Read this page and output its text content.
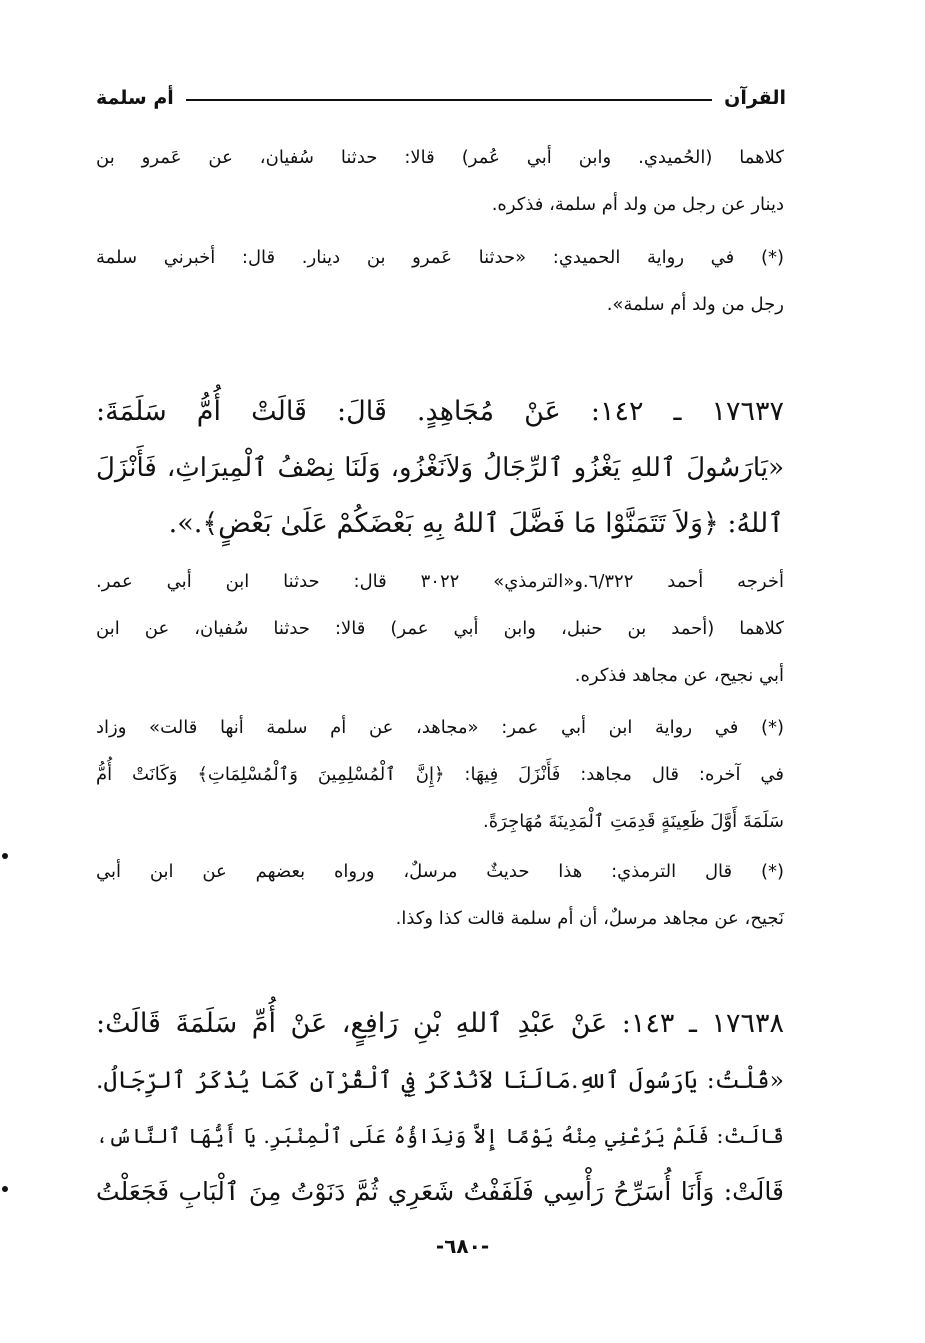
القرآن
أم سلمة
كلاهما (الحُميدي. وابن أبي عُمر) قالا: حدثنا سُفيان، عن عَمرو بن
دينار عن رجل من ولد أم سلمة، فذكره.
(*) في رواية الحميدي: «حدثنا عَمرو بن دينار. قال: أخبرني سلمة
رجل من ولد أم سلمة».
١٧٦٣٧ ـ ١٤٢: عَنْ مُجَاهِدٍ. قَالَ: قَالَتْ أُمُّ سَلَمَةَ:
«يَارَسُولَ ٱللهِ يَغْزُو ٱلرِّجَالُ وَلاَنَغْزُو، وَلَنَا نِصْفُ ٱلْمِيرَاثِ، فَأَنْزَلَ
ٱللهُ: ﴿وَلاَ تَتَمَنَّوْا مَا فَضَّلَ ٱللهُ بِهِ بَعْضَكُمْ عَلَىٰ بَعْضٍ﴾.».
أخرجه أحمد ٦/٣٢٢.و«الترمذي» ٣٠٢٢ قال: حدثنا ابن أبي عمر.
كلاهما (أحمد بن حنبل، وابن أبي عمر) قالا: حدثنا سُفيان، عن ابن
أبي نجيح، عن مجاهد فذكره.
(*) في رواية ابن أبي عمر: «مجاهد، عن أم سلمة أنها قالت» وزاد
في آخره: قال مجاهد: فَأَنْزَلَ فِيهَا: ﴿إِنَّ ٱلْمُسْلِمِينَ وَٱلْمُسْلِمَاتِ﴾ وَكَانَتْ أُمُّ
سَلَمَةَ أَوَّلَ ظَعِينَةٍ قَدِمَتِ ٱلْمَدِينَةَ مُهَاجِرَةً.
(*) قال الترمذي: هذا حديثٌ مرسلٌ، ورواه بعضهم عن ابن أبي
نَجيح، عن مجاهد مرسلٌ، أن أم سلمة قالت كذا وكذا.
١٧٦٣٨ ـ ١٤٣: عَنْ عَبْدِ ٱللهِ بْنِ رَافِعٍ، عَنْ أُمِّ سَلَمَةَ قَالَتْ:
«قُلْتُ: يَارَسُولَ ٱللهِ.مَالَنَا لاَنُذْكَرُ فِي ٱلْقُرْآنِ كَمَا يُذْكَرُ ٱلرِّجَالُ.
قَالَتْ: فَلَمْ يَرُعْنِي مِنْهُ يَوْمًا إِلاَّ وَنِدَاؤُهُ عَلَى ٱلْمِنْبَرِ. يَا أَيُّهَا ٱلنَّاسُ،
قَالَتْ: وَأَنَا أُسَرِّحُ رَأْسِي فَلَفَفْتُ شَعَرِي ثُمَّ دَنَوْتُ مِنَ ٱلْبَابِ فَجَعَلْتُ
-٦٨٠-
